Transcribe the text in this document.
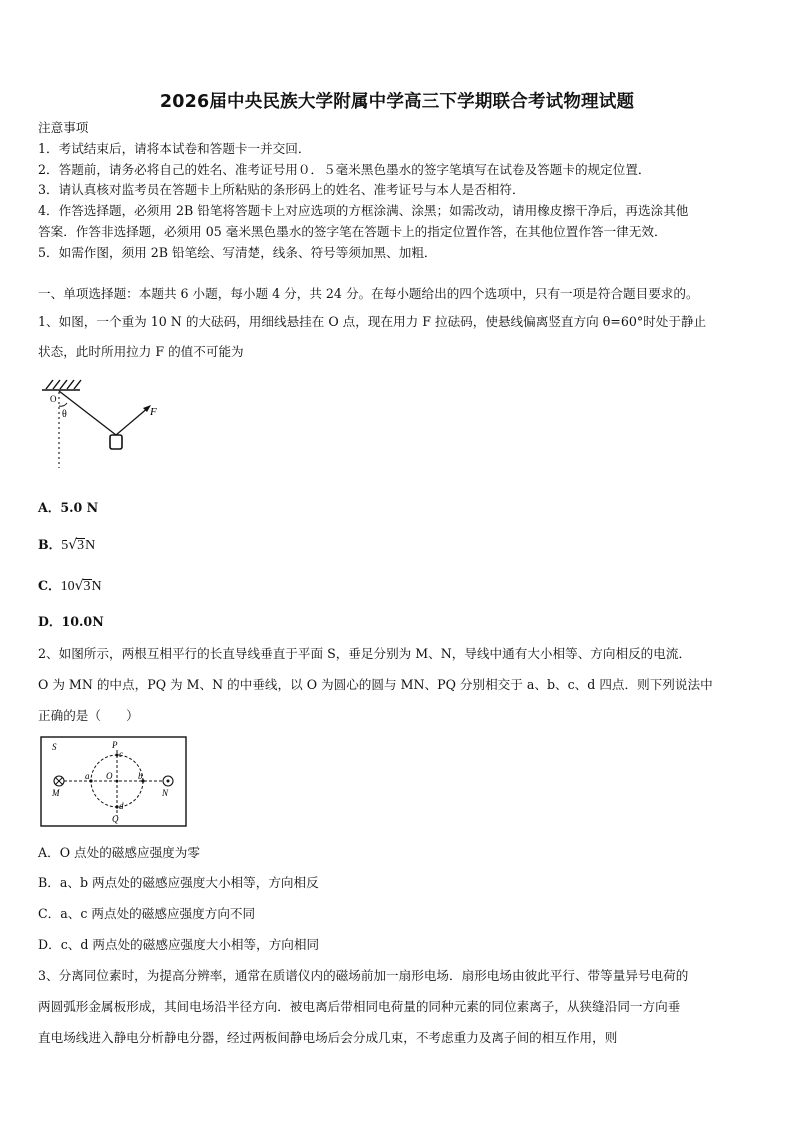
2026届中央民族大学附属中学高三下学期联合考试物理试题
注意事项
1．考试结束后，请将本试卷和答题卡一并交回．
2．答题前，请务必将自己的姓名、准考证号用０．５毫米黑色墨水的签字笔填写在试卷及答题卡的规定位置．
3．请认真核对监考员在答题卡上所粘贴的条形码上的姓名、准考证号与本人是否相符．
4．作答选择题，必须用 2B 铅笔将答题卡上对应选项的方框涂满、涂黑；如需改动，请用橡皮擦干净后，再选涂其他
答案．作答非选择题，必须用 05 毫米黑色墨水的签字笔在答题卡上的指定位置作答，在其他位置作答一律无效．
5．如需作图，须用 2B 铅笔绘、写清楚，线条、符号等须加黑、加粗．
一、单项选择题：本题共 6 小题，每小题 4 分，共 24 分。在每小题给出的四个选项中，只有一项是符合题目要求的。
1、如图，一个重为 10 N 的大砝码，用细线悬挂在 O 点，现在用力 F 拉砝码，使悬线偏离竖直方向 θ=60°时处于静止
状态，此时所用拉力 F 的值不可能为
O
θ	F
A．5.0 N
B．5√3N
C．10√3N
D．10.0N
2、如图所示，两根互相平行的长直导线垂直于平面 S，垂足分别为 M、N，导线中通有大小相等、方向相反的电流．
O 为 MN 的中点，PQ 为 M、N 的中垂线，以 O 为圆心的圆与 MN、PQ 分别相交于 a、b、c、d 四点．则下列说法中
正确的是（　　）
S	P
c
a O	b
M	N
d
Q
A．O 点处的磁感应强度为零
B．a、b 两点处的磁感应强度大小相等，方向相反
C．a、c 两点处的磁感应强度方向不同
D．c、d 两点处的磁感应强度大小相等，方向相同
3、分离同位素时，为提高分辨率，通常在质谱仪内的磁场前加一扇形电场．扇形电场由彼此平行、带等量异号电荷的
两圆弧形金属板形成，其间电场沿半径方向．被电离后带相同电荷量的同种元素的同位素离子，从狭缝沿同一方向垂
直电场线进入静电分析静电分器，经过两板间静电场后会分成几束，不考虑重力及离子间的相互作用，则
